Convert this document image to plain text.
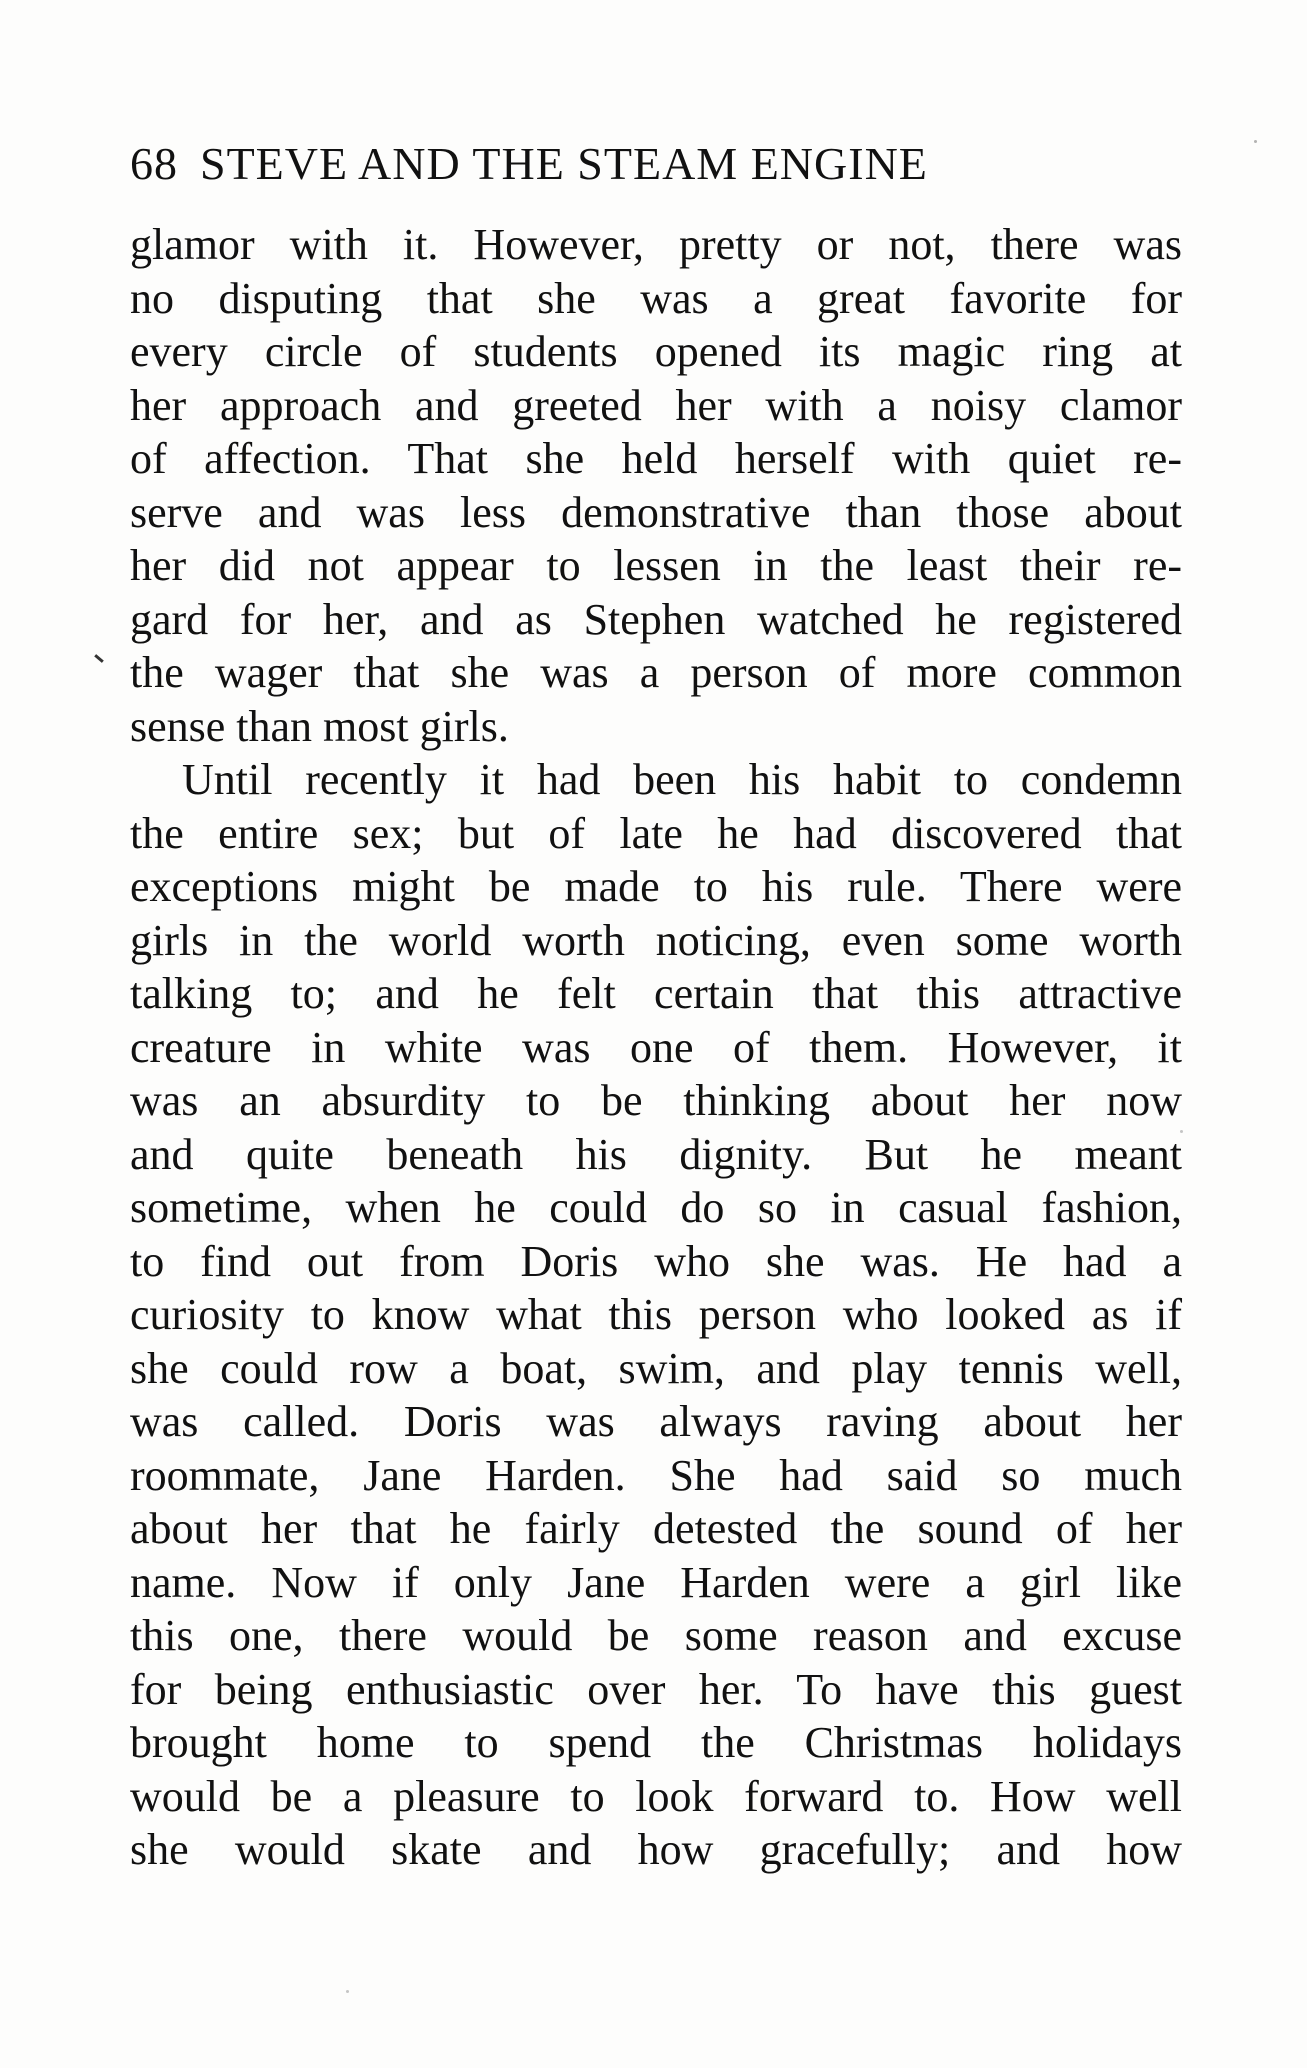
68 STEVE AND THE STEAM ENGINE
glamor with it. However, pretty or not, there was
no disputing that she was a great favorite for
every circle of students opened its magic ring at
her approach and greeted her with a noisy clamor
of affection. That she held herself with quiet re-
serve and was less demonstrative than those about
her did not appear to lessen in the least their re-
gard for her, and as Stephen watched he registered
the wager that she was a person of more common
sense than most girls.
Until recently it had been his habit to condemn
the entire sex; but of late he had discovered that
exceptions might be made to his rule. There were
girls in the world worth noticing, even some worth
talking to; and he felt certain that this attractive
creature in white was one of them. However, it
was an absurdity to be thinking about her now
and quite beneath his dignity. But he meant
sometime, when he could do so in casual fashion,
to find out from Doris who she was. He had a
curiosity to know what this person who looked as if
she could row a boat, swim, and play tennis well,
was called. Doris was always raving about her
roommate, Jane Harden. She had said so much
about her that he fairly detested the sound of her
name. Now if only Jane Harden were a girl like
this one, there would be some reason and excuse
for being enthusiastic over her. To have this guest
brought home to spend the Christmas holidays
would be a pleasure to look forward to. How well
she would skate and how gracefully; and how
